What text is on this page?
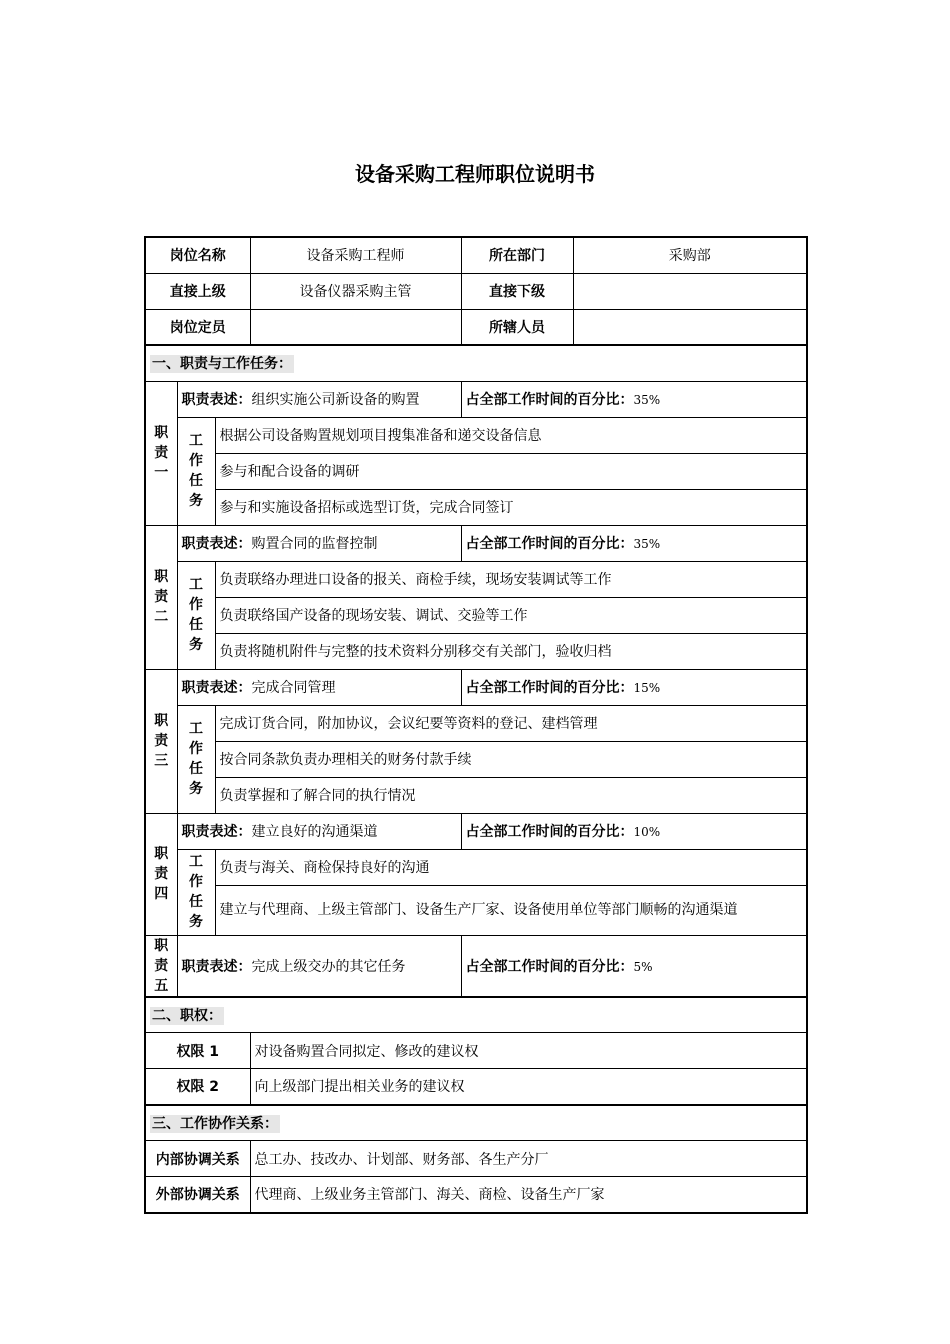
设备采购工程师职位说明书
岗位名称			设备采购工程师	所在部门	采购部
直接上级			设备仪器采购主管	直接下级	
岗位定员				所辖人员	
一、职责与工作任务：					
职
责
一	职责表述：组织实施公司新设备的购置			占全部工作时间的百分比：35%	
	工
作
任
务	根据公司设备购置规划项目搜集准备和递交设备信息			
		参与和配合设备的调研			
		参与和实施设备招标或选型订货，完成合同签订			
职
责
二	职责表述：购置合同的监督控制			占全部工作时间的百分比：35%	
	工
作
任
务	负责联络办理进口设备的报关、商检手续，现场安装调试等工作			
		负责联络国产设备的现场安装、调试、交验等工作			
		负责将随机附件与完整的技术资料分别移交有关部门，验收归档			
职
责
三	职责表述：完成合同管理			占全部工作时间的百分比：15%	
	工
作
任
务	完成订货合同，附加协议，会议纪要等资料的登记、建档管理			
		按合同条款负责办理相关的财务付款手续			
		负责掌握和了解合同的执行情况			
职
责
四	职责表述：建立良好的沟通渠道			占全部工作时间的百分比：10%	
	工
作
任
务	负责与海关、商检保持良好的沟通			
		建立与代理商、上级主管部门、设备生产厂家、设备使用单位等部门顺畅的沟通渠道			
职
责
五	职责表述：完成上级交办的其它任务			占全部工作时间的百分比：5%	
二、职权：					
权限 1			对设备购置合同拟定、修改的建议权		
权限 2			向上级部门提出相关业务的建议权		
三、工作协作关系：					
内部协调关系			总工办、技改办、计划部、财务部、各生产分厂		
外部协调关系			代理商、上级业务主管部门、海关、商检、设备生产厂家		
